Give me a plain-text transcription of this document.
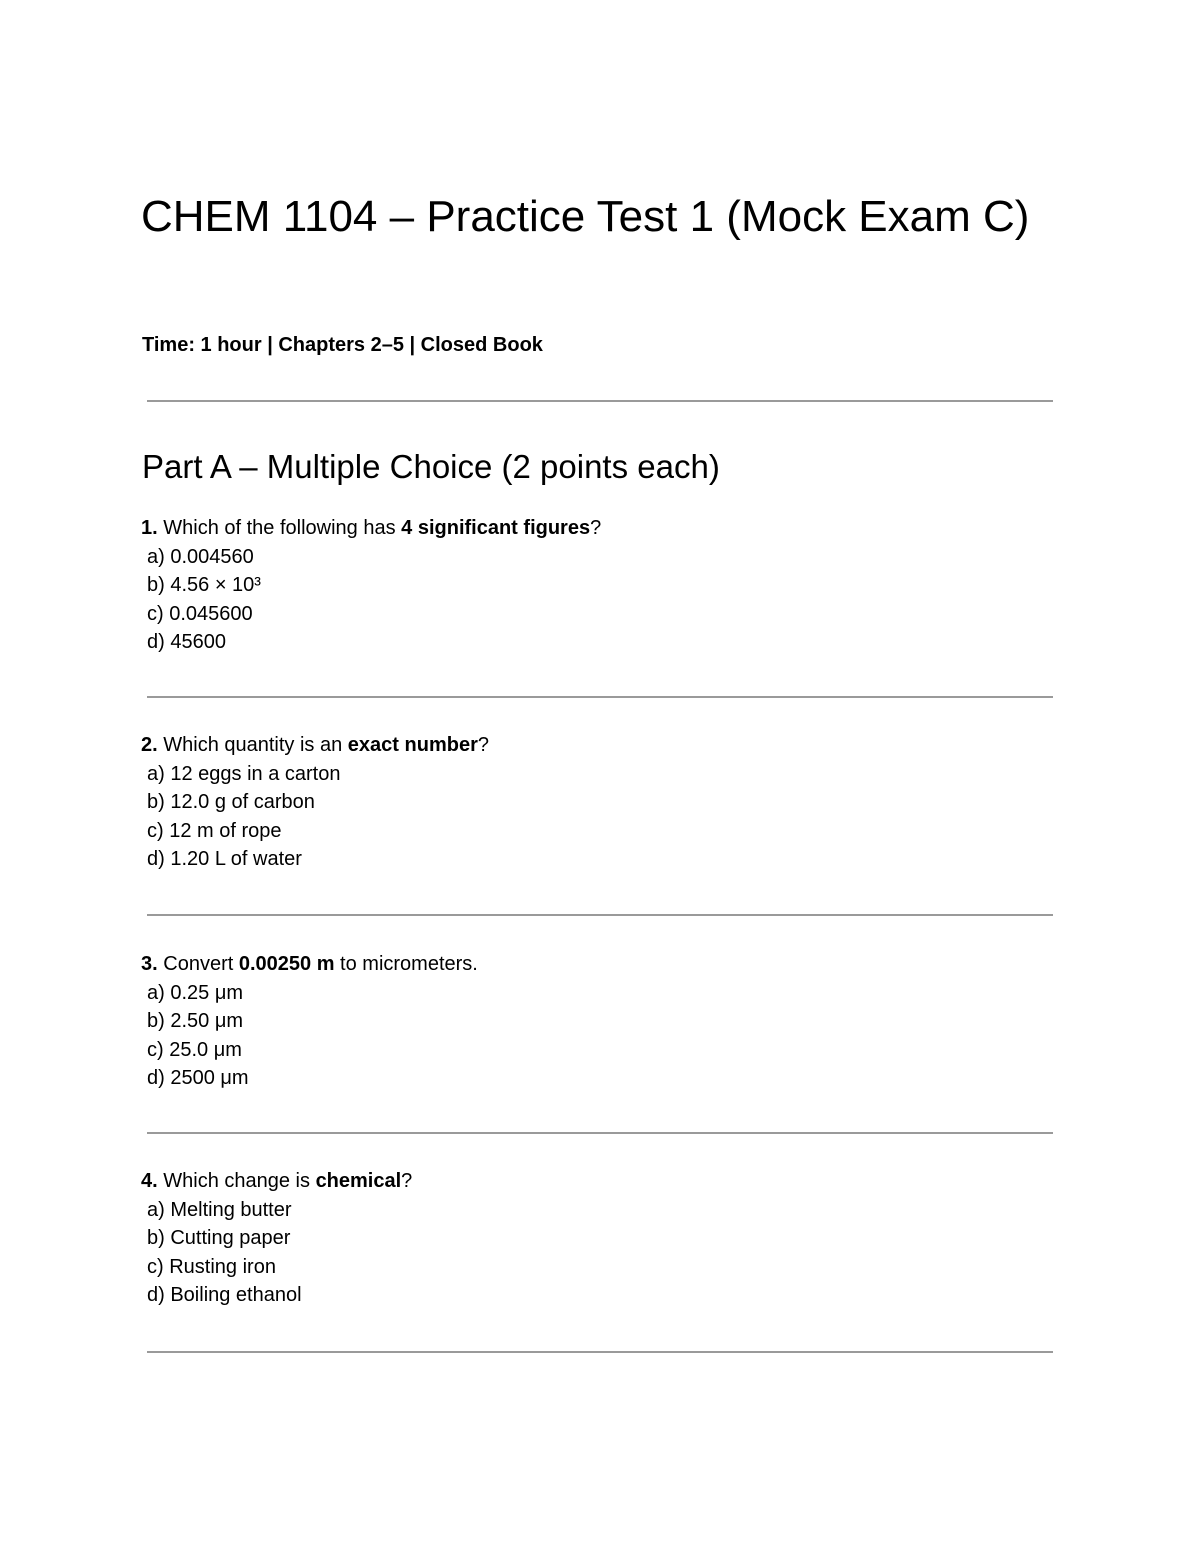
CHEM 1104 – Practice Test 1 (Mock Exam C)

Time: 1 hour | Chapters 2–5 | Closed Book

Part A – Multiple Choice (2 points each)
1. Which of the following has 4 significant figures?
a) 0.004560
b) 4.56 × 10³
c) 0.045600
d) 45600
2. Which quantity is an exact number?
a) 12 eggs in a carton
b) 12.0 g of carbon
c) 12 m of rope
d) 1.20 L of water
3. Convert 0.00250 m to micrometers.
a) 0.25 μm
b) 2.50 μm
c) 25.0 μm
d) 2500 μm
4. Which change is chemical?
a) Melting butter
b) Cutting paper
c) Rusting iron
d) Boiling ethanol
